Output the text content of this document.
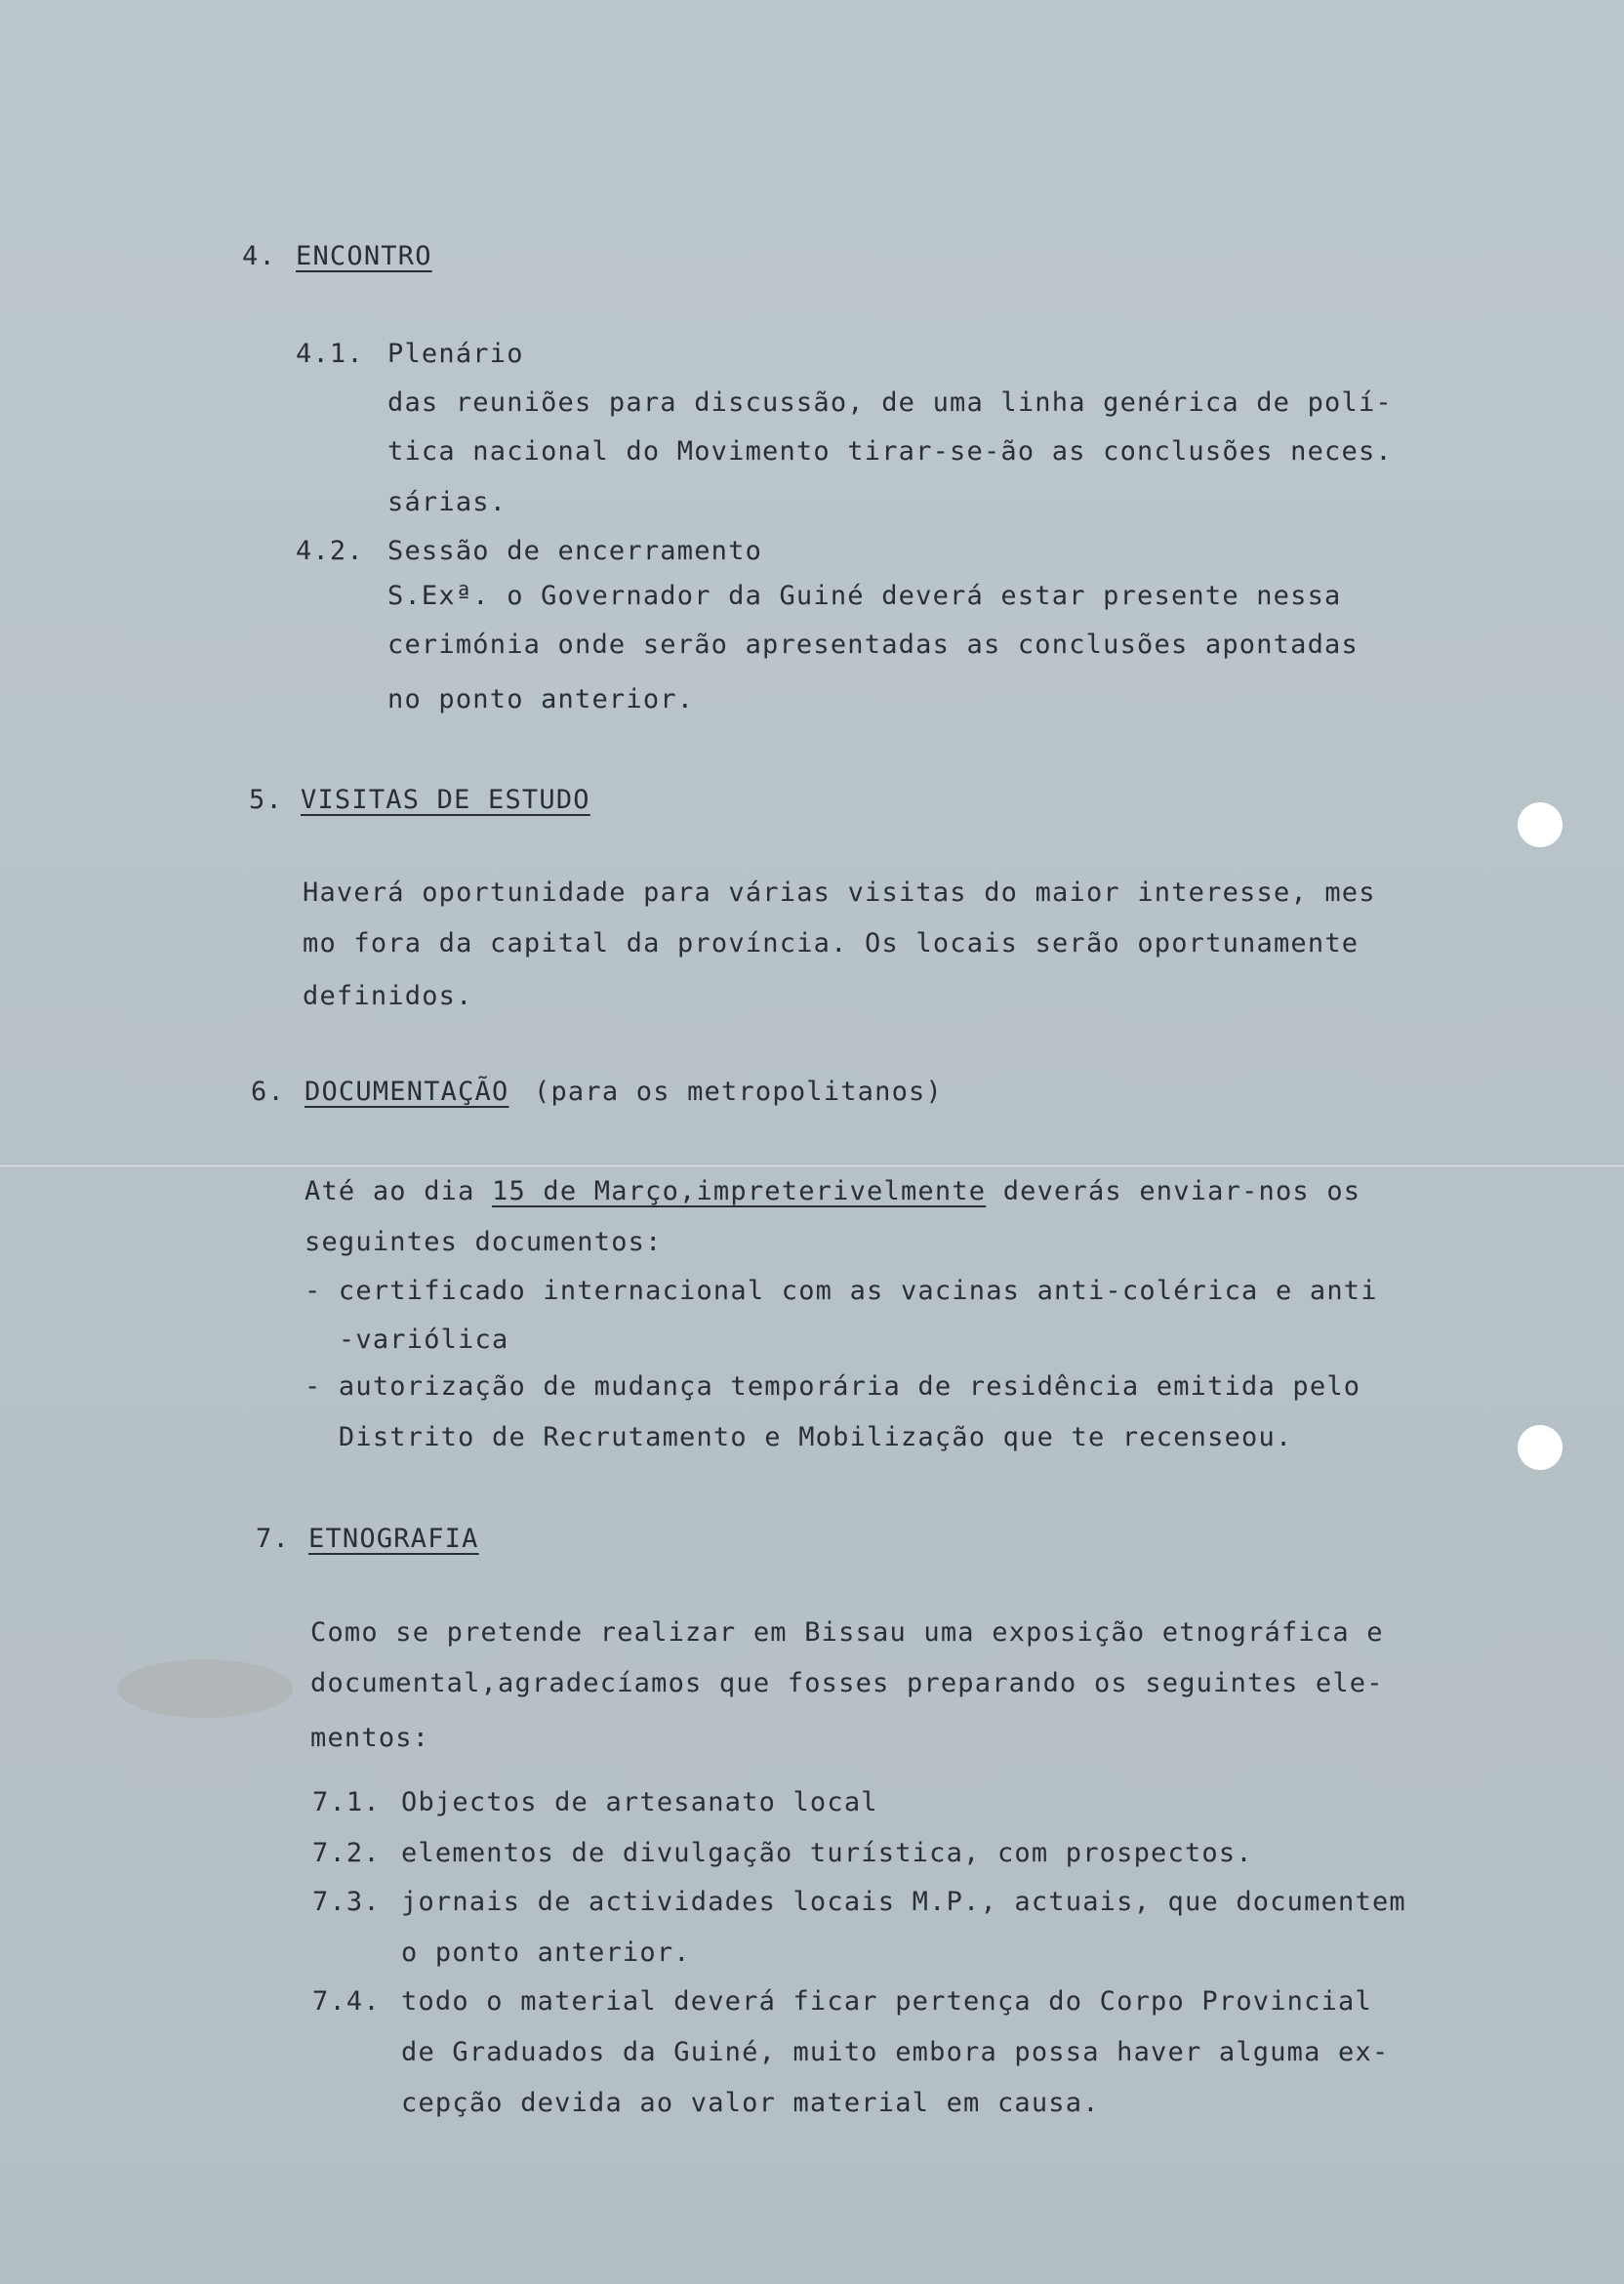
4. ENCONTRO
4.1. Plenário
das reuniões para discussão, de uma linha genérica de polí-
tica nacional do Movimento tirar-se-ão as conclusões neces.
sárias.
4.2. Sessão de encerramento
S.Exª. o Governador da Guiné deverá estar presente nessa
cerimónia onde serão apresentadas as conclusões apontadas
no ponto anterior.
5. VISITAS DE ESTUDO
Haverá oportunidade para várias visitas do maior interesse, mes
mo fora da capital da província. Os locais serão oportunamente
definidos.
6. DOCUMENTAÇÃO (para os metropolitanos)
Até ao dia 15 de Março,impreterivelmente deverás enviar-nos os
seguintes documentos:
- certificado internacional com as vacinas anti-colérica e anti
-variólica
- autorização de mudança temporária de residência emitida pelo
Distrito de Recrutamento e Mobilização que te recenseou.
7. ETNOGRAFIA
Como se pretende realizar em Bissau uma exposição etnográfica e
documental,agradecíamos que fosses preparando os seguintes ele-
mentos:
7.1. Objectos de artesanato local
7.2. elementos de divulgação turística, com prospectos.
7.3. jornais de actividades locais M.P., actuais, que documentem
o ponto anterior.
7.4. todo o material deverá ficar pertença do Corpo Provincial
de Graduados da Guiné, muito embora possa haver alguma ex-
cepção devida ao valor material em causa.
